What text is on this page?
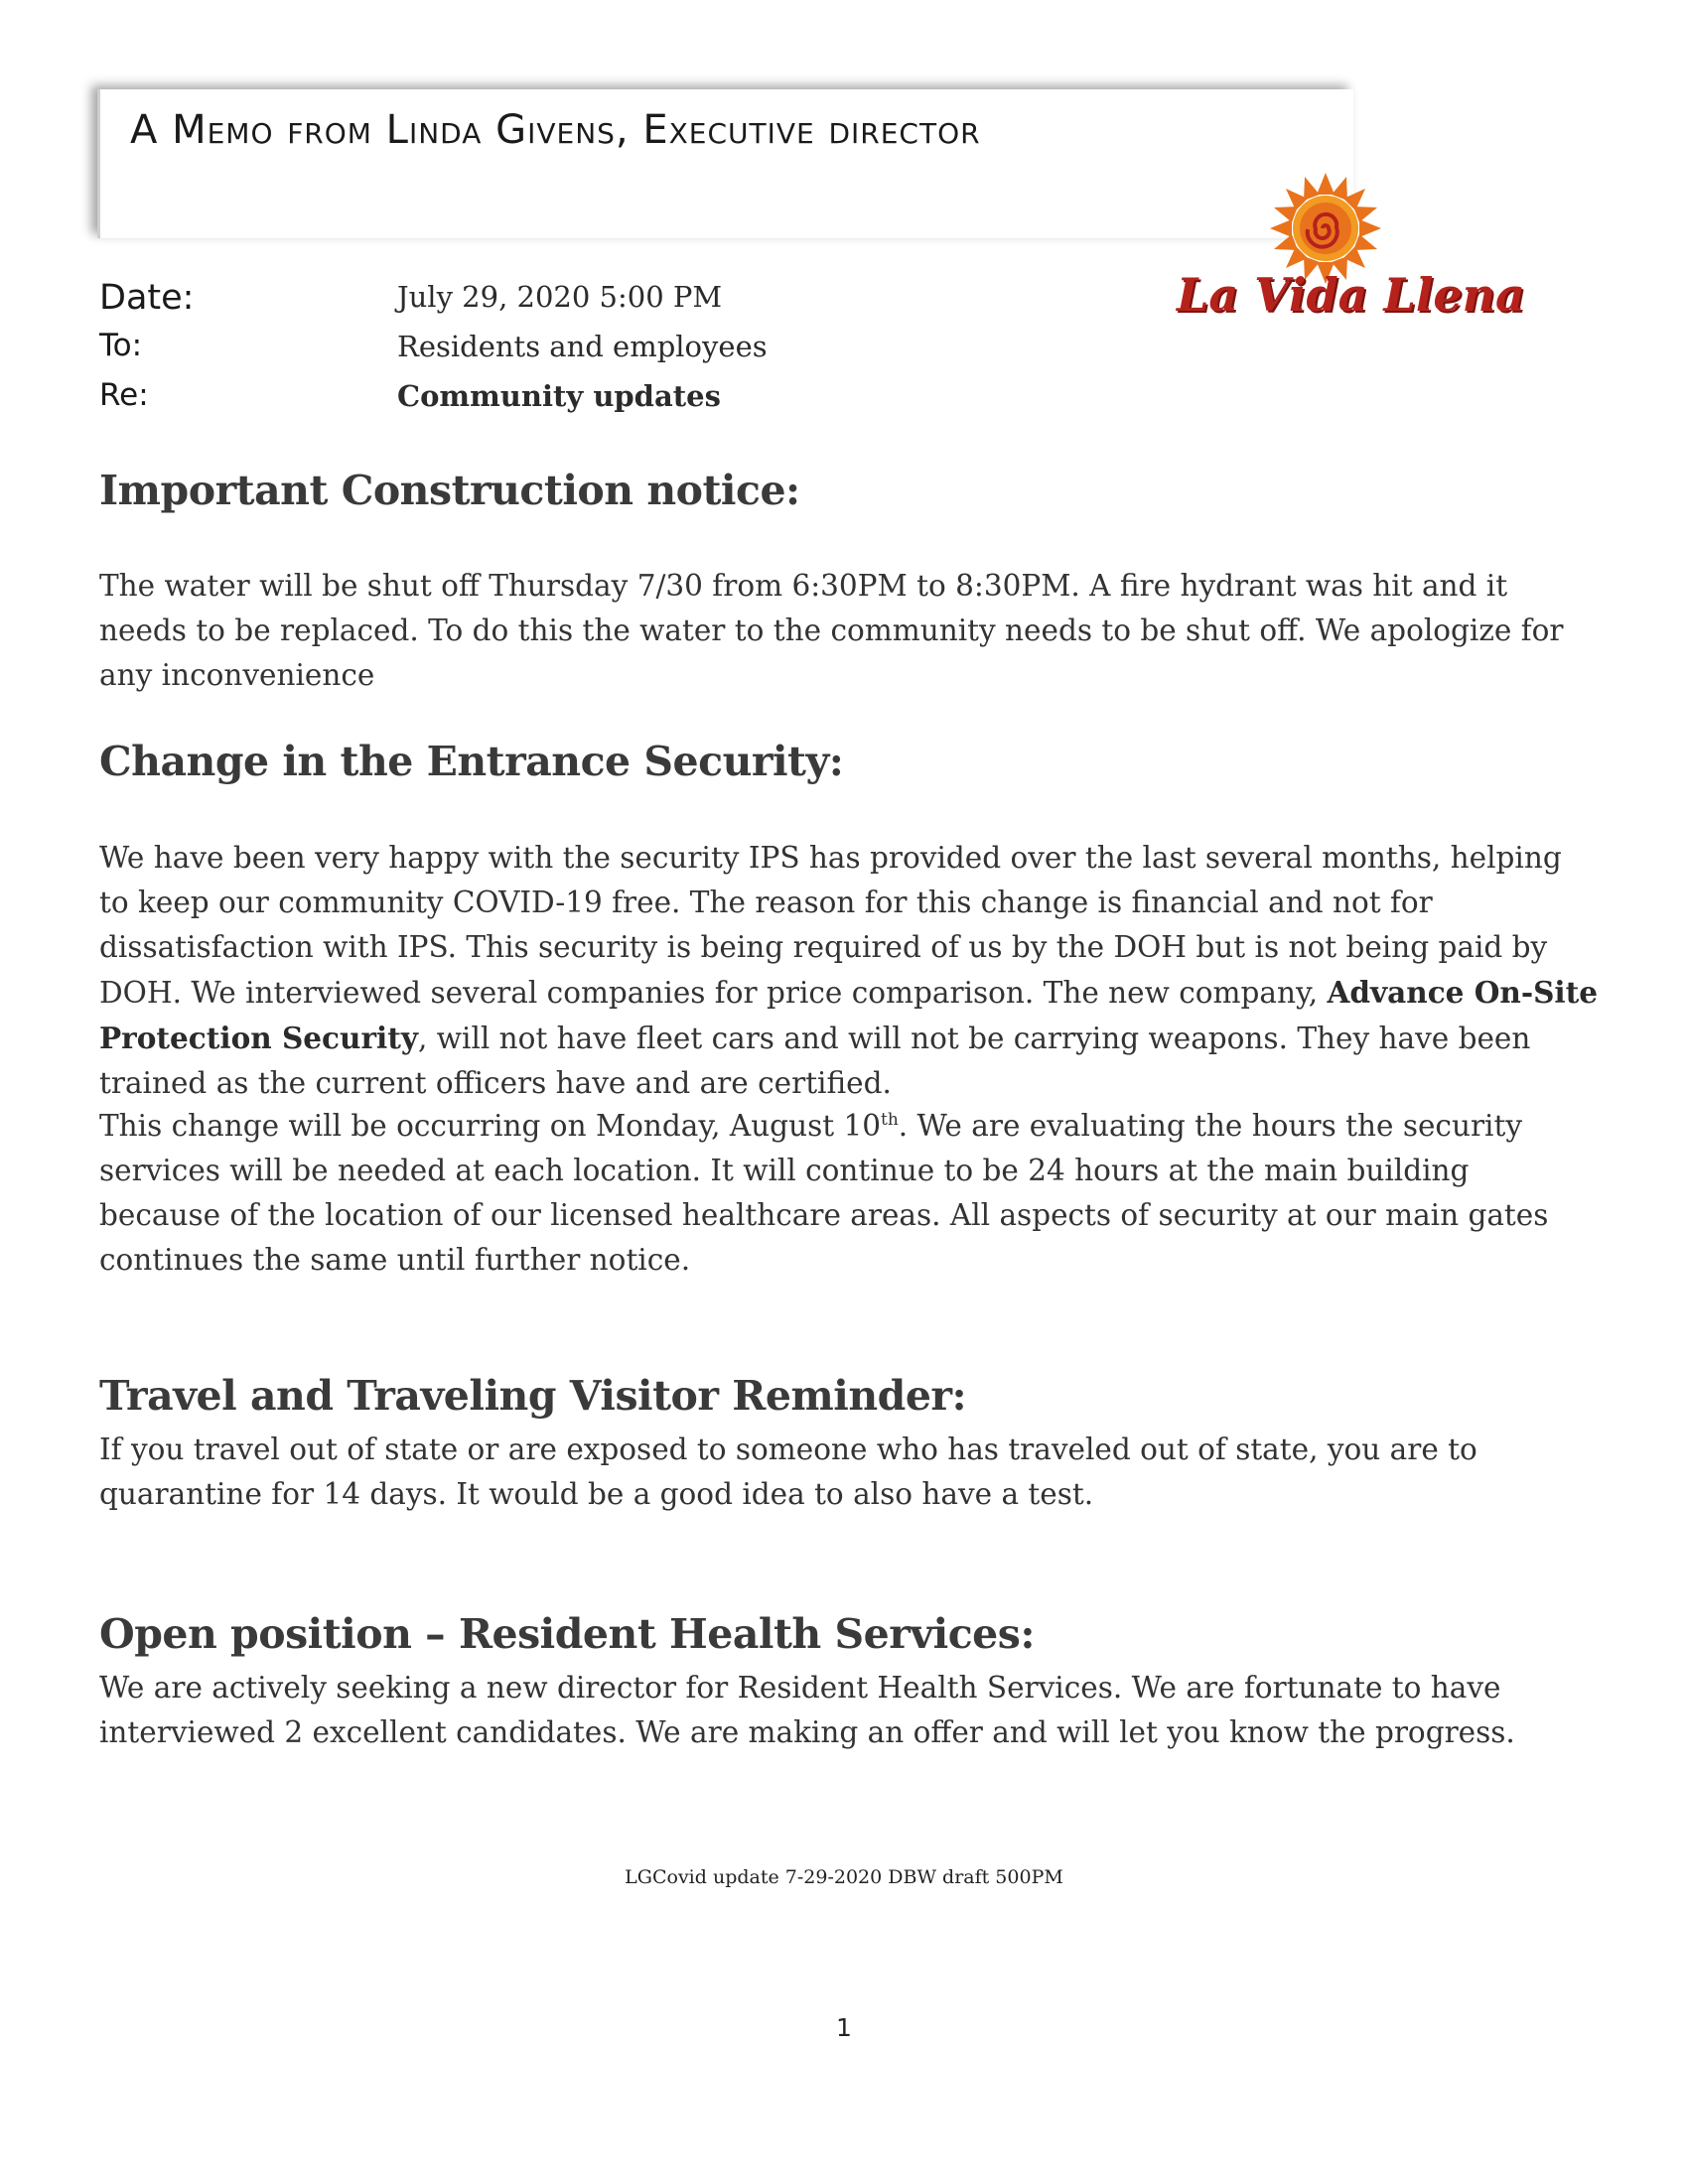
A Memo from Linda Givens, Executive director
La Vida Llena
Date:	July 29, 2020 5:00 PM
To:	Residents and employees
Re:	Community updates
Important Construction notice:

The water will be shut off Thursday 7/30 from 6:30PM to 8:30PM. A fire hydrant was hit and it needs to be replaced. To do this the water to the community needs to be shut off. We apologize for any inconvenience

Change in the Entrance Security:

We have been very happy with the security IPS has provided over the last several months, helping to keep our community COVID-19 free. The reason for this change is financial and not for dissatisfaction with IPS. This security is being required of us by the DOH but is not being paid by DOH. We interviewed several companies for price comparison. The new company, Advance On-Site Protection Security, will not have fleet cars and will not be carrying weapons. They have been trained as the current officers have and are certified.

This change will be occurring on Monday, August 10th. We are evaluating the hours the security services will be needed at each location. It will continue to be 24 hours at the main building because of the location of our licensed healthcare areas. All aspects of security at our main gates continues the same until further notice.

Travel and Traveling Visitor Reminder:

If you travel out of state or are exposed to someone who has traveled out of state, you are to quarantine for 14 days. It would be a good idea to also have a test.

Open position – Resident Health Services:

We are actively seeking a new director for Resident Health Services. We are fortunate to have interviewed 2 excellent candidates. We are making an offer and will let you know the progress.

LGCovid update 7-29-2020 DBW draft 500PM
1
